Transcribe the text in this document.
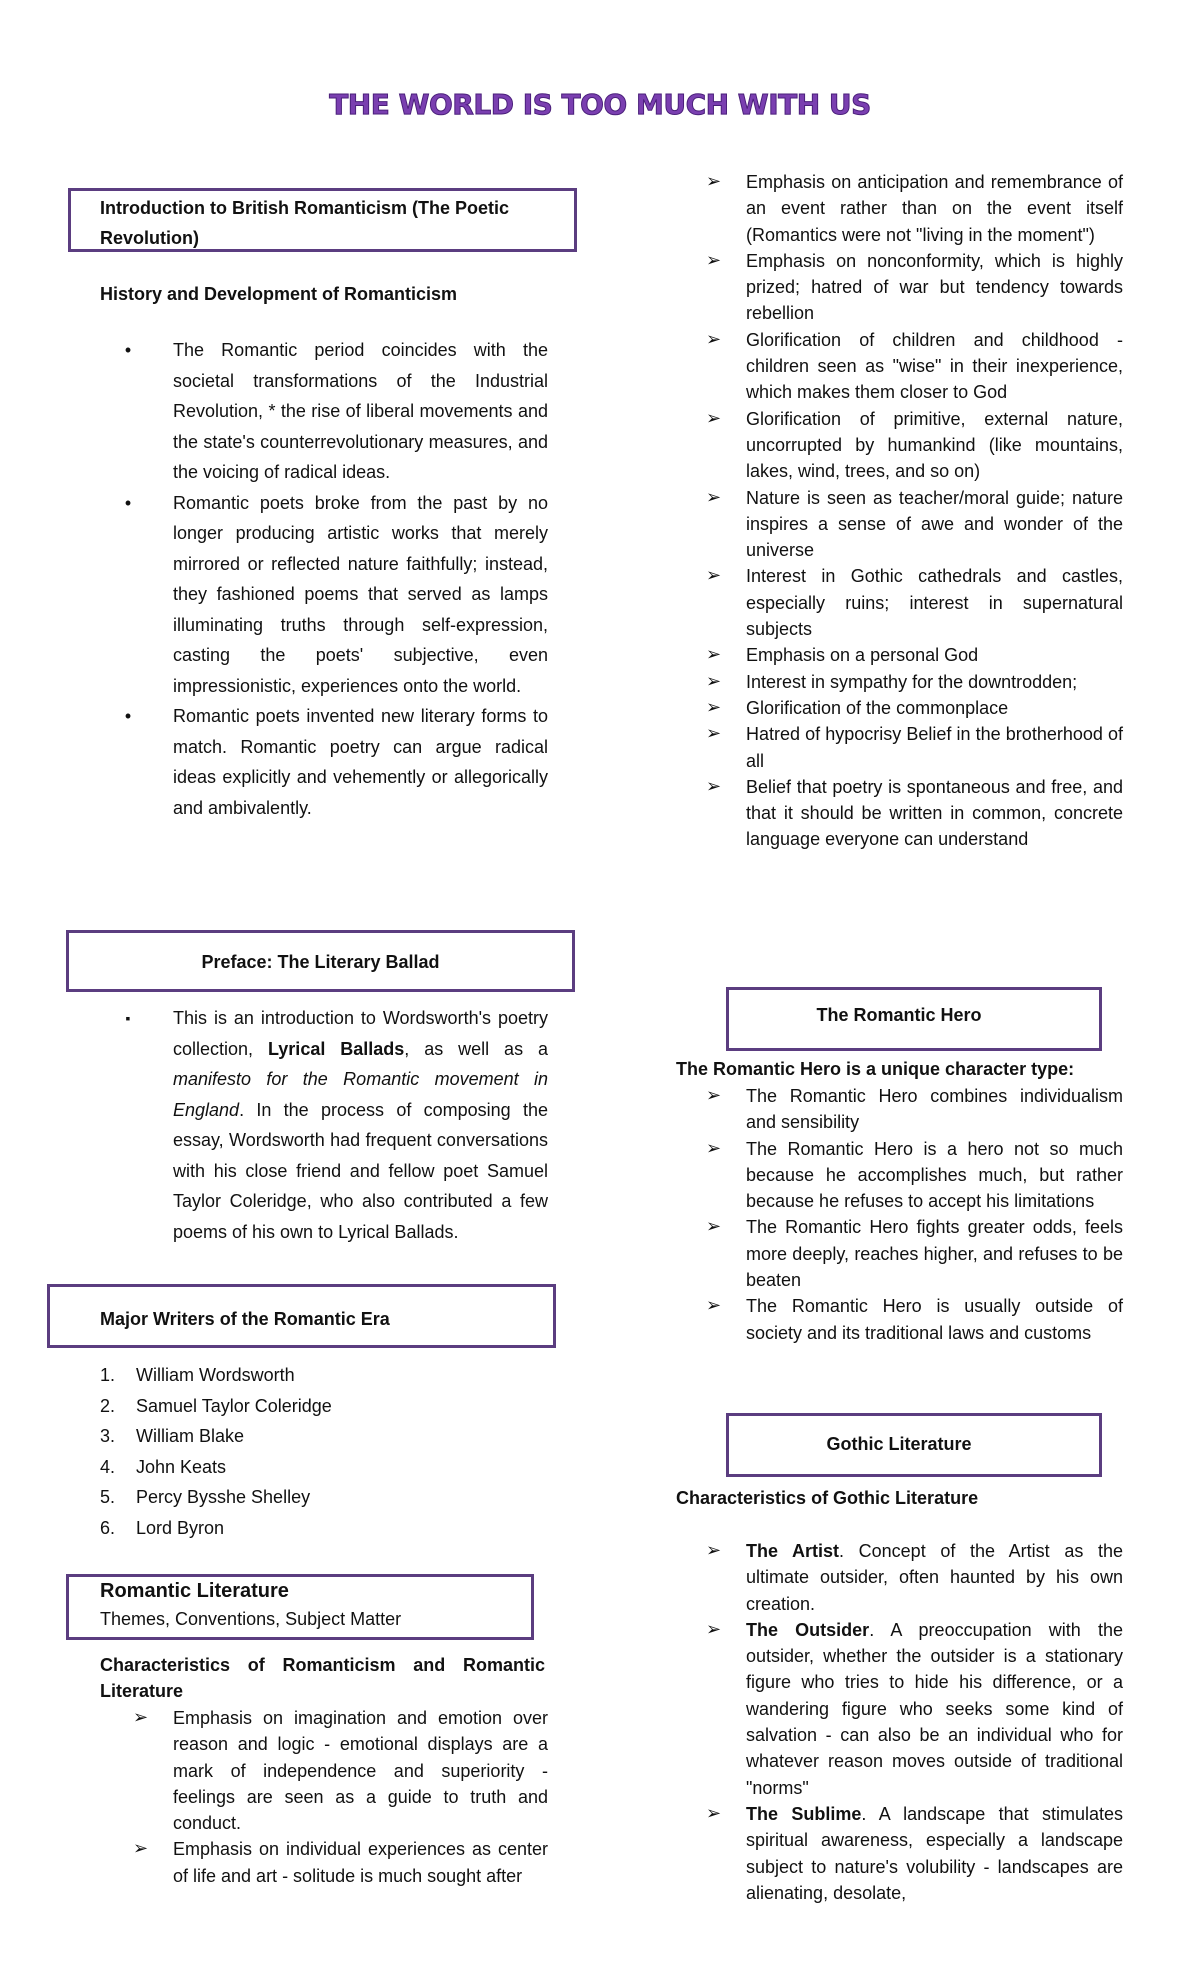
THE WORLD IS TOO MUCH WITH US
Introduction to British Romanticism (The Poetic Revolution)
History and Development of Romanticism
•	The Romantic period coincides with the societal transformations of the Industrial Revolution, * the rise of liberal movements and the state's counterrevolutionary measures, and the voicing of radical ideas.
•	Romantic poets broke from the past by no longer producing artistic works that merely mirrored or reflected nature faithfully; instead, they fashioned poems that served as lamps illuminating truths through self-expression, casting the poets' subjective, even impressionistic, experiences onto the world.
•	Romantic poets invented new literary forms to match. Romantic poetry can argue radical ideas explicitly and vehemently or allegorically and ambivalently.
Preface: The Literary Ballad
▪	This is an introduction to Wordsworth's poetry collection, Lyrical Ballads, as well as a manifesto for the Romantic movement in England. In the process of composing the essay, Wordsworth had frequent conversations with his close friend and fellow poet Samuel Taylor Coleridge, who also contributed a few poems of his own to Lyrical Ballads.
Major Writers of the Romantic Era
1. William Wordsworth
2. Samuel Taylor Coleridge
3. William Blake
4. John Keats
5. Percy Bysshe Shelley
6. Lord Byron
Romantic Literature
Themes, Conventions, Subject Matter
Characteristics of Romanticism and Romantic Literature
➢ Emphasis on imagination and emotion over reason and logic - emotional displays are a mark of independence and superiority - feelings are seen as a guide to truth and conduct.
➢ Emphasis on individual experiences as center of life and art - solitude is much sought after
➢ Emphasis on anticipation and remembrance of an event rather than on the event itself (Romantics were not "living in the moment")
➢ Emphasis on nonconformity, which is highly prized; hatred of war but tendency towards rebellion
➢ Glorification of children and childhood - children seen as "wise" in their inexperience, which makes them closer to God
➢ Glorification of primitive, external nature, uncorrupted by humankind (like mountains, lakes, wind, trees, and so on)
➢ Nature is seen as teacher/moral guide; nature inspires a sense of awe and wonder of the universe
➢ Interest in Gothic cathedrals and castles, especially ruins; interest in supernatural subjects
➢ Emphasis on a personal God
➢ Interest in sympathy for the downtrodden;
➢ Glorification of the commonplace
➢ Hatred of hypocrisy Belief in the brotherhood of all
➢ Belief that poetry is spontaneous and free, and that it should be written in common, concrete language everyone can understand
The Romantic Hero
The Romantic Hero is a unique character type:
➢ The Romantic Hero combines individualism and sensibility
➢ The Romantic Hero is a hero not so much because he accomplishes much, but rather because he refuses to accept his limitations
➢ The Romantic Hero fights greater odds, feels more deeply, reaches higher, and refuses to be beaten
➢ The Romantic Hero is usually outside of society and its traditional laws and customs
Gothic Literature
Characteristics of Gothic Literature
➢ The Artist. Concept of the Artist as the ultimate outsider, often haunted by his own creation.
➢ The Outsider. A preoccupation with the outsider, whether the outsider is a stationary figure who tries to hide his difference, or a wandering figure who seeks some kind of salvation - can also be an individual who for whatever reason moves outside of traditional "norms"
➢ The Sublime. A landscape that stimulates spiritual awareness, especially a landscape subject to nature's volubility - landscapes are alienating, desolate,
